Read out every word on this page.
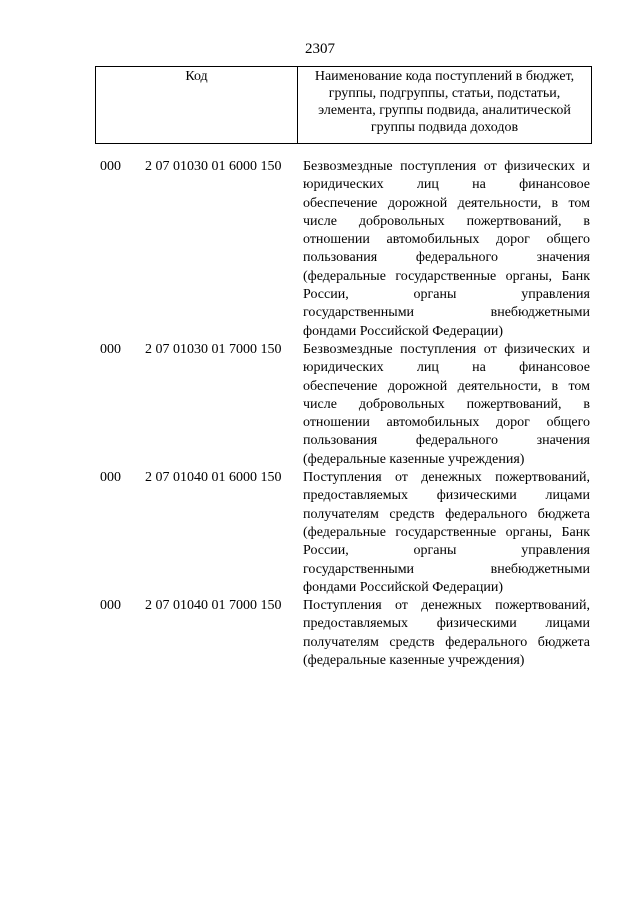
2307
Код	Наименование кода поступлений в бюджет,
группы, подгруппы, статьи, подстатьи,
элемента, группы подвида, аналитической
группы подвида доходов
000	2 07 01030 01 6000 150	Безвозмездные поступления от физических и
юридических лиц на финансовое
обеспечение дорожной деятельности, в том
числе добровольных пожертвований, в
отношении автомобильных дорог общего
пользования	федерального	значения
(федеральные государственные органы, Банк
России,	органы	управления
государственными	внебюджетными
фондами Российской Федерации)
000	2 07 01030 01 7000 150	Безвозмездные поступления от физических и
юридических лиц на финансовое
обеспечение дорожной деятельности, в том
числе добровольных пожертвований, в
отношении автомобильных дорог общего
пользования	федерального	значения
(федеральные казенные учреждения)
000	2 07 01040 01 6000 150	Поступления от денежных пожертвований,
предоставляемых физическими лицами
получателям средств федерального бюджета
(федеральные государственные органы, Банк
России,	органы	управления
государственными	внебюджетными
фондами Российской Федерации)
000	2 07 01040 01 7000 150	Поступления от денежных пожертвований,
предоставляемых физическими лицами
получателям средств федерального бюджета
(федеральные казенные учреждения)
